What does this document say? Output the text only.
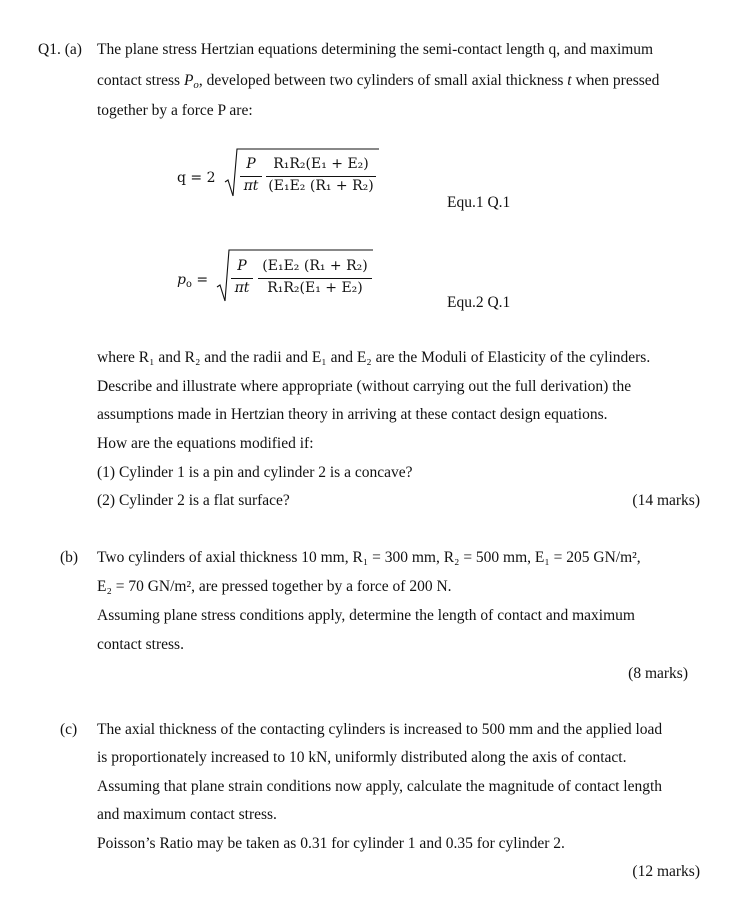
Q1. (a) The plane stress Hertzian equations determining the semi-contact length q, and maximum
contact stress $P_o$, developed between two cylinders of small axial thickness t when pressed
together by a force P are:
q = 2
P
πt
R₁R₂(E₁ + E₂)
(E₁E₂ (R₁ + R₂)
Equ.1 Q.1
$p_o$ =
P
πt
(E₁E₂ (R₁ + R₂)
R₁R₂(E₁ + E₂)
Equ.2 Q.1
where R₁ and R₂ and the radii and E₁ and E₂ are the Moduli of Elasticity of the cylinders.
Describe and illustrate where appropriate (without carrying out the full derivation) the
assumptions made in Hertzian theory in arriving at these contact design equations.
How are the equations modified if:
(1) Cylinder 1 is a pin and cylinder 2 is a concave?
(2) Cylinder 2 is a flat surface?	(14 marks)
(b) Two cylinders of axial thickness 10 mm, R₁ = 300 mm, R₂ = 500 mm, E₁ = 205 GN/m²,
E₂ = 70 GN/m², are pressed together by a force of 200 N.
Assuming plane stress conditions apply, determine the length of contact and maximum
contact stress.
(8 marks)
(c) The axial thickness of the contacting cylinders is increased to 500 mm and the applied load
is proportionately increased to 10 kN, uniformly distributed along the axis of contact.
Assuming that plane strain conditions now apply, calculate the magnitude of contact length
and maximum contact stress.
Poisson’s Ratio may be taken as 0.31 for cylinder 1 and 0.35 for cylinder 2.
(12 marks)
